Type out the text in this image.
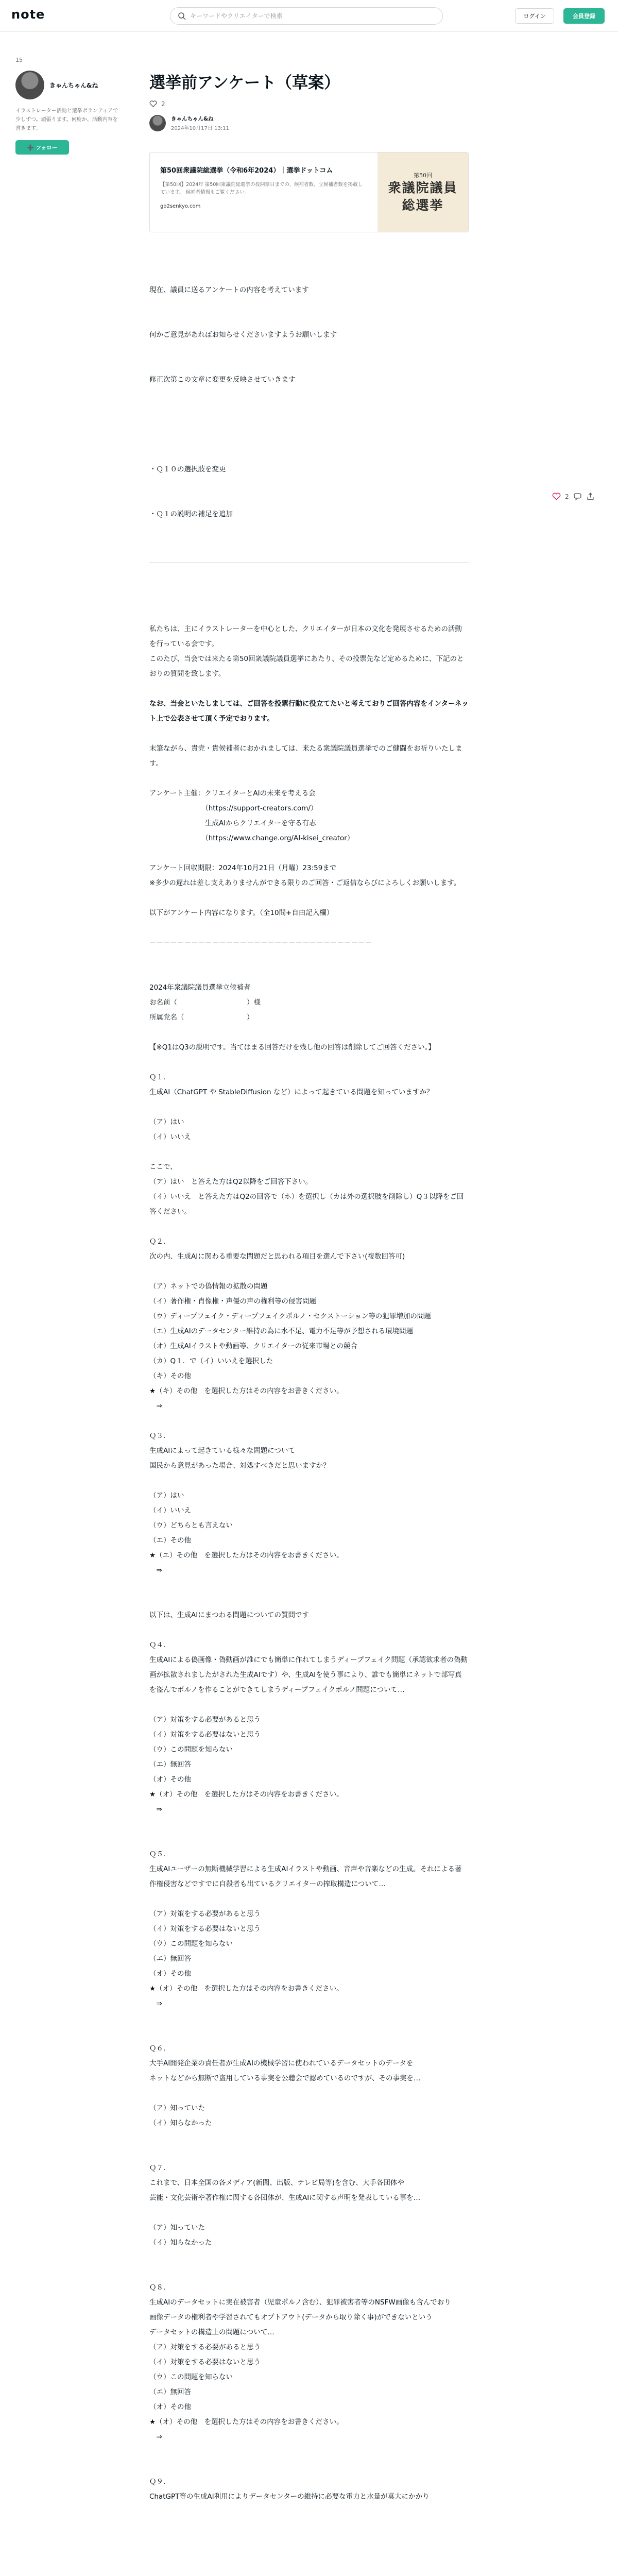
note
キーワードやクリエイターで検索	ログイン	会員登録
15
きゃんちゃん&ね
イラストレーター活動と選挙ボランティアで少しずつ。頑張ります。何度か、活動内容を書きます。
➕ フォロー
2
選挙前アンケート（草案）
2
きゃんちゃん&ね
2024年10月17日 13:11
第50回衆議院総選挙（令和6年2024）｜選挙ドットコム
【第50回】2024年 第50回衆議院総選挙の投開票日までの、候補者数、立候補者数を掲載しています。 候補者情報もご覧ください。
go2senkyo.com
第50回
衆議院議員
総選挙

現在、議員に送るアンケートの内容を考えています

何かご意見があればお知らせくださいますようお願いします

修正次第この文章に変更を反映させていきます

・Ｑ１０の選択肢を変更

・Ｑ１の説明の補足を追加

私たちは、主にイラストレーターを中心とした、クリエイターが日本の文化を発展させるための活動を行っている会です。
このたび、当会では来たる第50回衆議院議員選挙にあたり、その投票先など定めるために、下記のとおりの質問を致します。
なお、当会といたしましては、ご回答を投票行動に役立てたいと考えておりご回答内容をインターネット上で公表させて頂く予定でおります。
末筆ながら、貴党・貴候補者におかれましては、来たる衆議院議員選挙でのご健闘をお祈りいたします。
アンケート主催：クリエイターとAIの未来を考える会
　　　　　　　　（https://support-creators.com/）
　　　　　　　　生成AIからクリエイターを守る有志
　　　　　　　　（https://www.change.org/AI-kisei_creator）
アンケート回収期限：2024年10月21日（月曜）23:59まで
※多少の遅れは差し支えありませんができる限りのご回答・ご返信ならびによろしくお願いします。
以下がアンケート内容になります。（全10問+自由記入欄）
－－－－－－－－－－－－－－－－－－－－－－－－－－－－－－－－
2024年衆議院議員選挙立候補者
お名前（　　　　　　　　　　）様
所属党名（　　　　　　　　　）
【※Q1はQ3の説明です。当てはまる回答だけを残し他の回答は削除してご回答ください。】
Ｑ１．
生成AI（ChatGPT や StableDiffusion など）によって起きている問題を知っていますか？

（ア）はい
（イ）いいえ
ここで、
（ア）はい　と答えた方はQ2以降をご回答下さい。
（イ）いいえ　と答えた方はQ2の回答で（ホ）を選択し（カは外の選択肢を削除し）Q３以降をご回答ください。
Ｑ２．
次の内、生成AIに関わる重要な問題だと思われる項目を選んで下さい(複数回答可)

（ア）ネットでの偽情報の拡散の問題
（イ）著作権・肖像権・声優の声の権利等の侵害問題
（ウ）ディープフェイク・ディープフェイクポルノ・セクストーション等の犯罪増加の問題
（エ）生成AIのデータセンター維持の為に水不足、電力不足等が予想される環境問題
（オ）生成AIイラストや動画等、クリエイターの従来市場との競合
（カ）Q１．で（イ）いいえを選択した
（キ）その他
★（キ）その他　を選択した方はその内容をお書きください。
　⇒
Ｑ３．
生成AIによって起きている様々な問題について
国民から意見があった場合、対処すべきだと思いますか？

（ア）はい
（イ）いいえ
（ウ）どちらとも言えない
（エ）その他
★（エ）その他　を選択した方はその内容をお書きください。
　⇒
以下は、生成AIにまつわる問題についての質問です
Ｑ４．
生成AIによる偽画像・偽動画が誰にでも簡単に作れてしまうディープフェイク問題（承認欲求者の偽動画が拡散されましたがされた生成AIです）や、生成AIを使う事により、誰でも簡単にネットで部写真を盗んでポルノを作ることができてしまうディープフェイクポルノ問題について…

（ア）対策をする必要があると思う
（イ）対策をする必要はないと思う
（ウ）この問題を知らない
（エ）無回答
（オ）その他
★（オ）その他　を選択した方はその内容をお書きください。
　⇒
Ｑ５．
生成AIユーザーの無断機械学習による生成AIイラストや動画、音声や音楽などの生成。それによる著作権侵害などですでに自殺者も出ているクリエイターの搾取構造について…

（ア）対策をする必要があると思う
（イ）対策をする必要はないと思う
（ウ）この問題を知らない
（エ）無回答
（オ）その他
★（オ）その他　を選択した方はその内容をお書きください。
　⇒
Ｑ６．
大手AI開発企業の責任者が生成AIの機械学習に使われているデータセットのデータを
ネットなどから無断で盗用している事実を公聴会で認めているのですが、その事実を…

（ア）知っていた
（イ）知らなかった
Ｑ７．
これまで、日本全国の各メディア(新聞、出版、テレビ局等)を含む、大手各団体や
芸能・文化芸術や著作権に関する各団体が、生成AIに関する声明を発表している事を…

（ア）知っていた
（イ）知らなかった
Ｑ８．
生成AIのデータセットに実在被害者（児童ポルノ含む）、犯罪被害者等のNSFW画像も含んでおり
画像データの権利者や学習されてもオプトアウト(データから取り除く事)ができないという
データセットの構造上の問題について…
（ア）対策をする必要があると思う
（イ）対策をする必要はないと思う
（ウ）この問題を知らない
（エ）無回答
（オ）その他
★（オ）その他　を選択した方はその内容をお書きください。
　⇒
Ｑ９．
ChatGPT等の生成AI利用によりデータセンターの維持に必要な電力と水量が莫大にかかり
